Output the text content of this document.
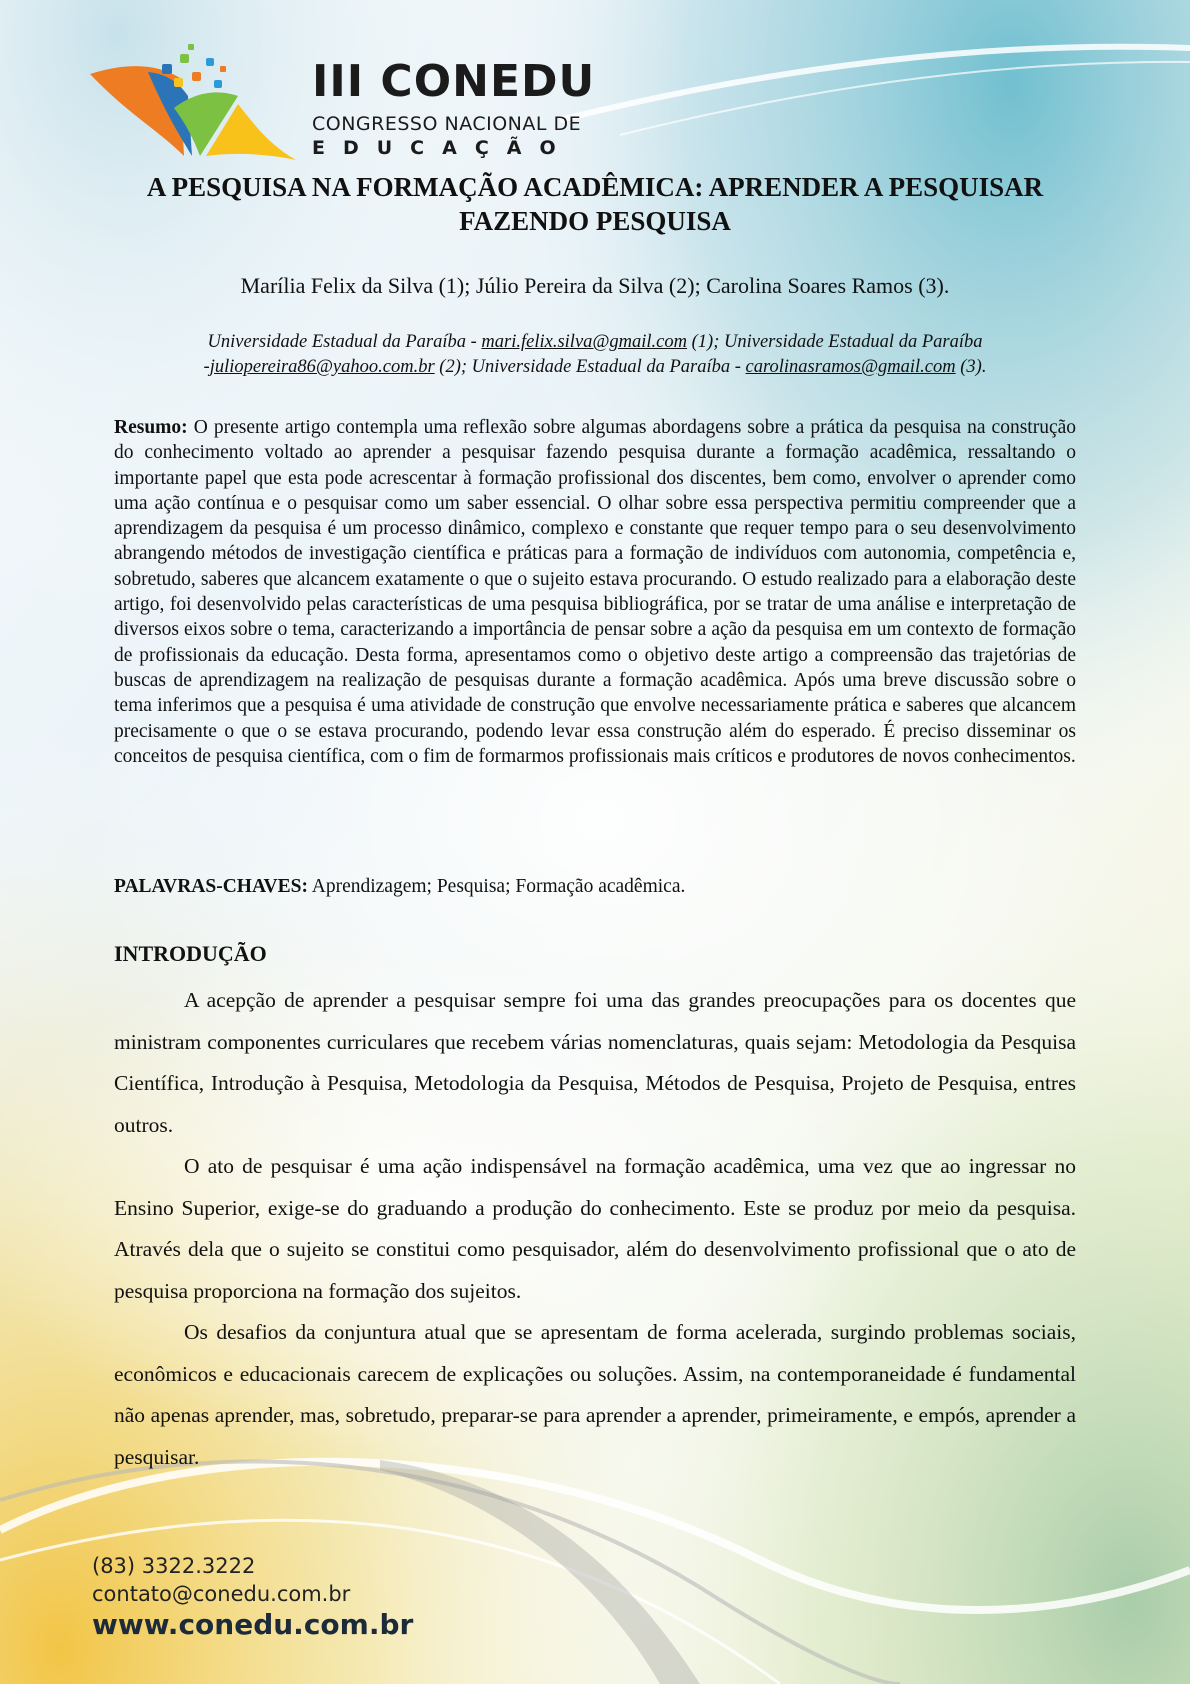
III CONEDU
CONGRESSO NACIONAL DE
EDUCAÇÃO
A PESQUISA NA FORMAÇÃO ACADÊMICA: APRENDER A PESQUISAR
FAZENDO PESQUISA
Marília Felix da Silva (1); Júlio Pereira da Silva (2); Carolina Soares Ramos (3).
Universidade Estadual da Paraíba - mari.felix.silva@gmail.com (1); Universidade Estadual da Paraíba
-juliopereira86@yahoo.com.br (2); Universidade Estadual da Paraíba - carolinasramos@gmail.com (3).
Resumo: O presente artigo contempla uma reflexão sobre algumas abordagens sobre a prática da pesquisa na construção do conhecimento voltado ao aprender a pesquisar fazendo pesquisa durante a formação acadêmica, ressaltando o importante papel que esta pode acrescentar à formação profissional dos discentes, bem como, envolver o aprender como uma ação contínua e o pesquisar como um saber essencial. O olhar sobre essa perspectiva permitiu compreender que a aprendizagem da pesquisa é um processo dinâmico, complexo e constante que requer tempo para o seu desenvolvimento abrangendo métodos de investigação científica e práticas para a formação de indivíduos com autonomia, competência e, sobretudo, saberes que alcancem exatamente o que o sujeito estava procurando. O estudo realizado para a elaboração deste artigo, foi desenvolvido pelas características de uma pesquisa bibliográfica, por se tratar de uma análise e interpretação de diversos eixos sobre o tema, caracterizando a importância de pensar sobre a ação da pesquisa em um contexto de formação de profissionais da educação. Desta forma, apresentamos como o objetivo deste artigo a compreensão das trajetórias de buscas de aprendizagem na realização de pesquisas durante a formação acadêmica. Após uma breve discussão sobre o tema inferimos que a pesquisa é uma atividade de construção que envolve necessariamente prática e saberes que alcancem precisamente o que o se estava procurando, podendo levar essa construção além do esperado. É preciso disseminar os conceitos de pesquisa científica, com o fim de formarmos profissionais mais críticos e produtores de novos conhecimentos.
PALAVRAS-CHAVES: Aprendizagem; Pesquisa; Formação acadêmica.
INTRODUÇÃO

A acepção de aprender a pesquisar sempre foi uma das grandes preocupações para os docentes que ministram componentes curriculares que recebem várias nomenclaturas, quais sejam: Metodologia da Pesquisa Científica, Introdução à Pesquisa, Metodologia da Pesquisa, Métodos de Pesquisa, Projeto de Pesquisa, entres outros.

O ato de pesquisar é uma ação indispensável na formação acadêmica, uma vez que ao ingressar no Ensino Superior, exige-se do graduando a produção do conhecimento. Este se produz por meio da pesquisa. Através dela que o sujeito se constitui como pesquisador, além do desenvolvimento profissional que o ato de pesquisa proporciona na formação dos sujeitos.

Os desafios da conjuntura atual que se apresentam de forma acelerada, surgindo problemas sociais, econômicos e educacionais carecem de explicações ou soluções. Assim, na contemporaneidade é fundamental não apenas aprender, mas, sobretudo, preparar-se para aprender a aprender, primeiramente, e empós, aprender a pesquisar.

(83) 3322.3222
contato@conedu.com.br
www.conedu.com.br
